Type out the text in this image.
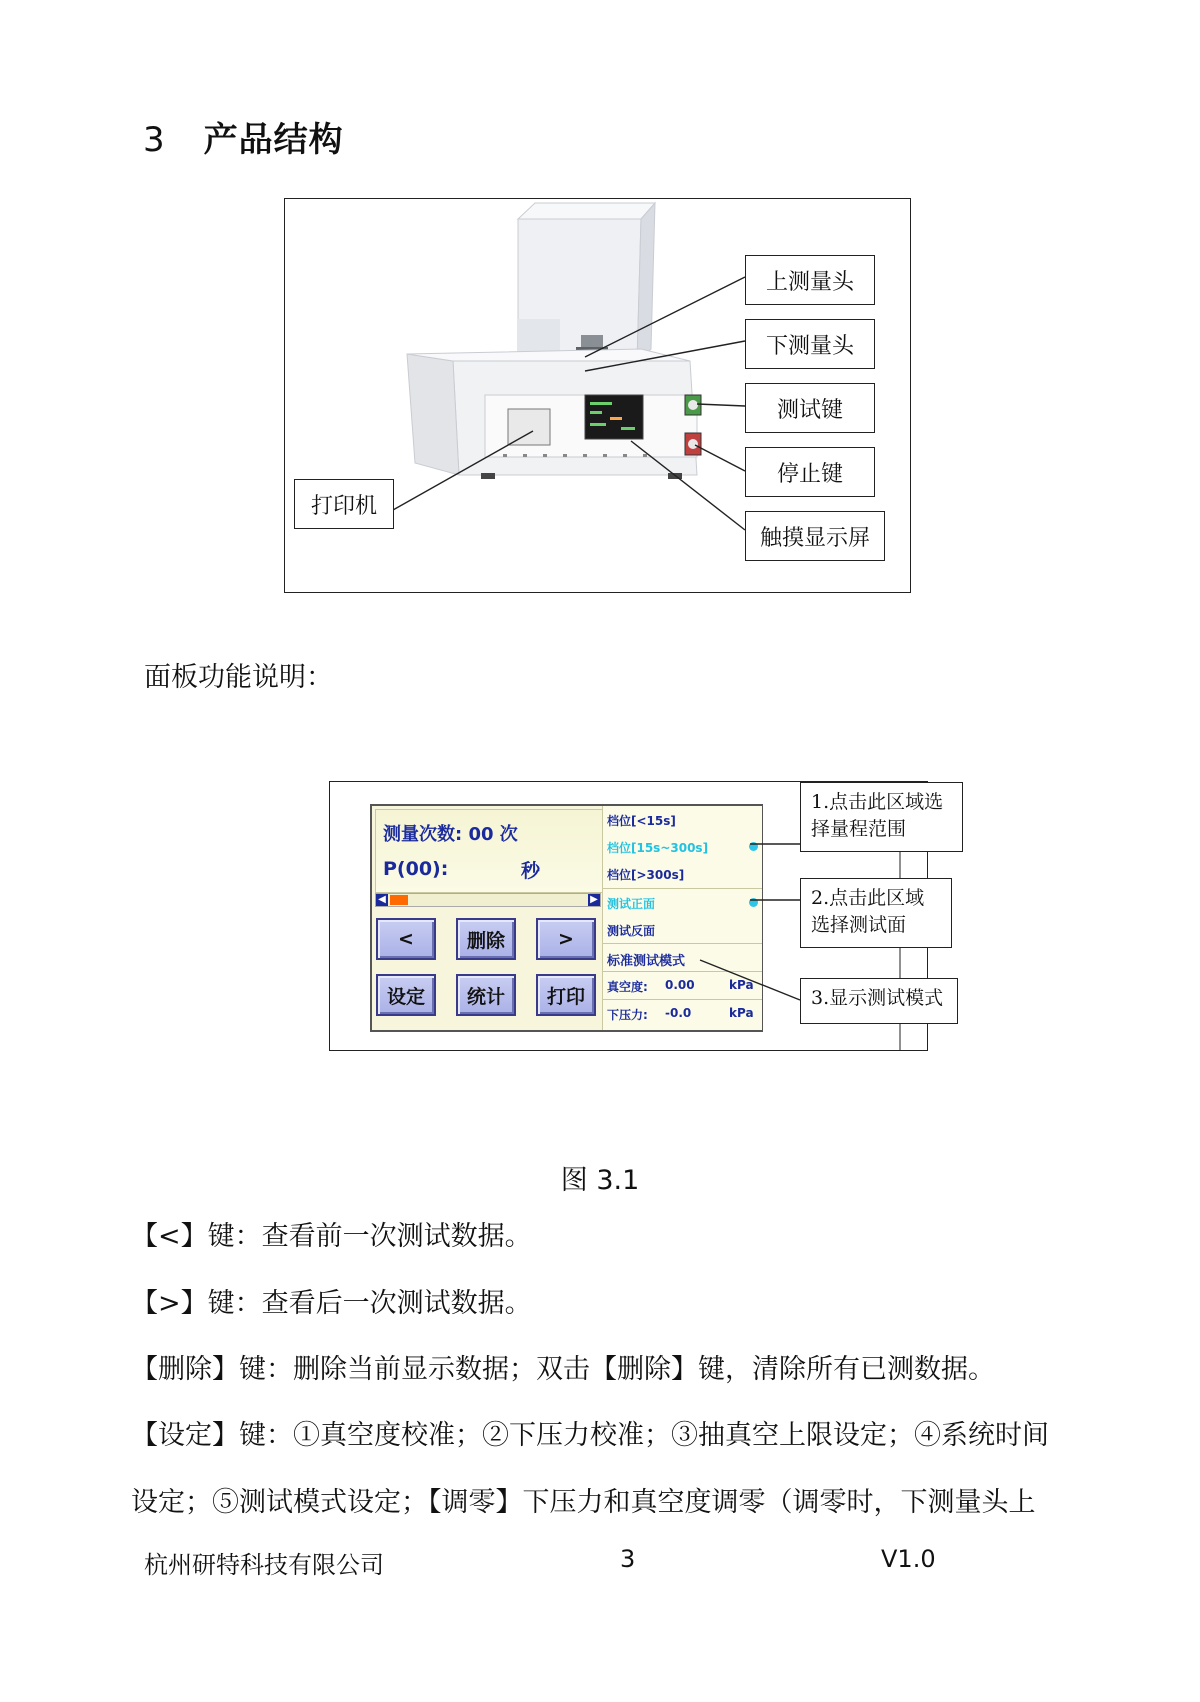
3 产品结构
上测量头
下测量头
测试键
停止键
触摸显示屏
打印机
面板功能说明：
测量次数: 00 次
P(00):	秒
◀	▶
<	删除	>
设定	统计	打印
档位[<15s]
档位[15s~300s]
档位[>300s]
测试正面
测试反面
标准测试模式
真空度: 0.00	kPa
下压力: -0.0	kPa
1.点击此区域选择量程范围
2.点击此区域选择测试面
3.显示测试模式
图 3.1
【<】键：查看前一次测试数据。
【>】键：查看后一次测试数据。
【删除】键：删除当前显示数据；双击【删除】键，清除所有已测数据。
【设定】键：①真空度校准；②下压力校准；③抽真空上限设定；④系统时间
设定；⑤测试模式设定；【调零】下压力和真空度调零（调零时，下测量头上
杭州研特科技有限公司	3	V1.0
